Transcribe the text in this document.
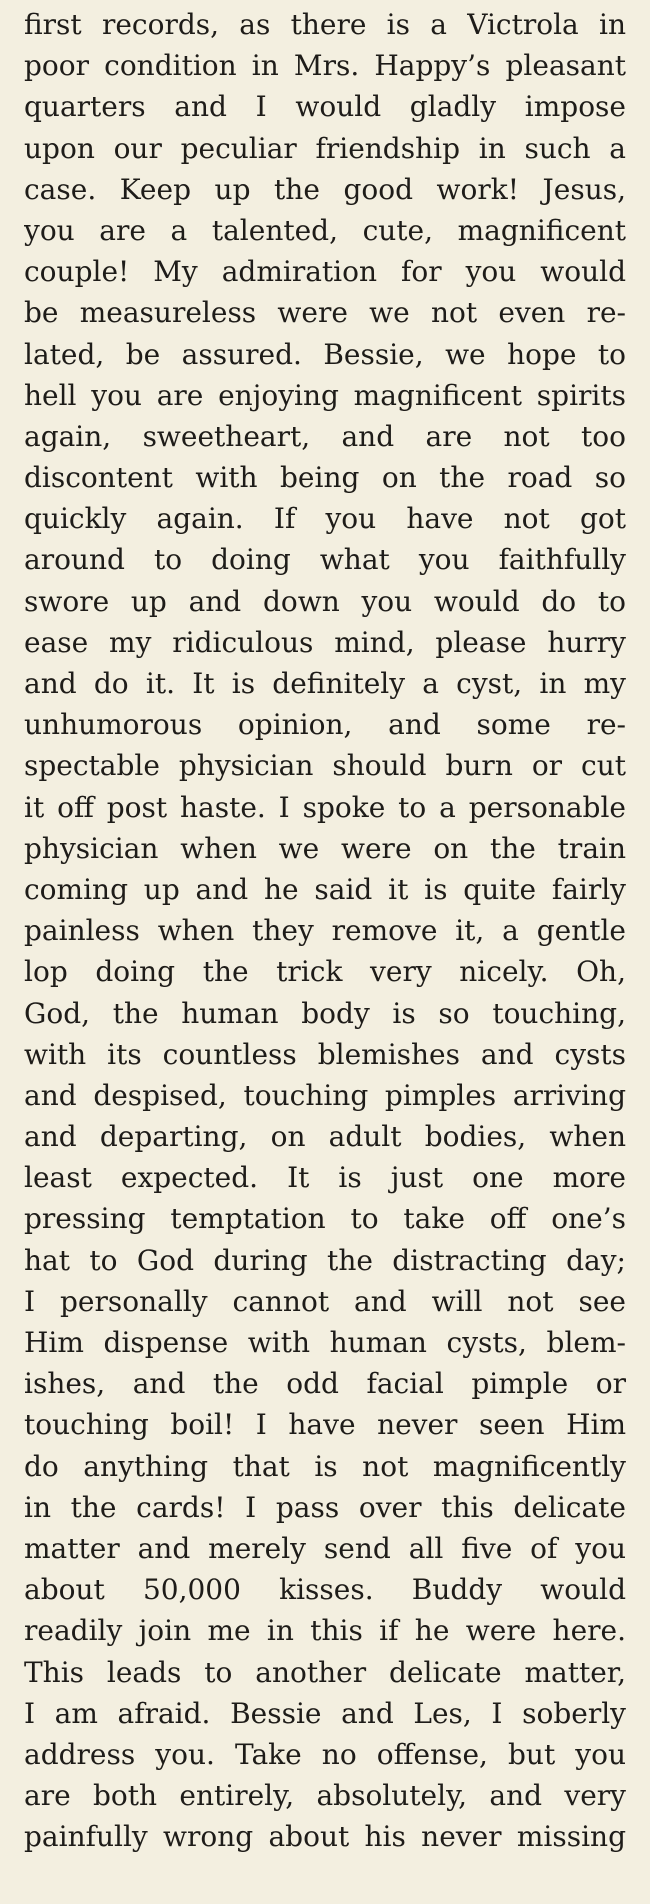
first records, as there is a Victrola in
poor condition in Mrs. Happy’s pleasant
quarters and I would gladly impose
upon our peculiar friendship in such a
case. Keep up the good work! Jesus,
you are a talented, cute, magnificent
couple! My admiration for you would
be measureless were we not even re-
lated, be assured. Bessie, we hope to
hell you are enjoying magnificent spirits
again, sweetheart, and are not too
discontent with being on the road so
quickly again. If you have not got
around to doing what you faithfully
swore up and down you would do to
ease my ridiculous mind, please hurry
and do it. It is definitely a cyst, in my
unhumorous opinion, and some re-
spectable physician should burn or cut
it off post haste. I spoke to a personable
physician when we were on the train
coming up and he said it is quite fairly
painless when they remove it, a gentle
lop doing the trick very nicely. Oh,
God, the human body is so touching,
with its countless blemishes and cysts
and despised, touching pimples arriving
and departing, on adult bodies, when
least expected. It is just one more
pressing temptation to take off one’s
hat to God during the distracting day;
I personally cannot and will not see
Him dispense with human cysts, blem-
ishes, and the odd facial pimple or
touching boil! I have never seen Him
do anything that is not magnificently
in the cards! I pass over this delicate
matter and merely send all five of you
about 50,000 kisses. Buddy would
readily join me in this if he were here.
This leads to another delicate matter,
I am afraid. Bessie and Les, I soberly
address you. Take no offense, but you
are both entirely, absolutely, and very
painfully wrong about his never missing
